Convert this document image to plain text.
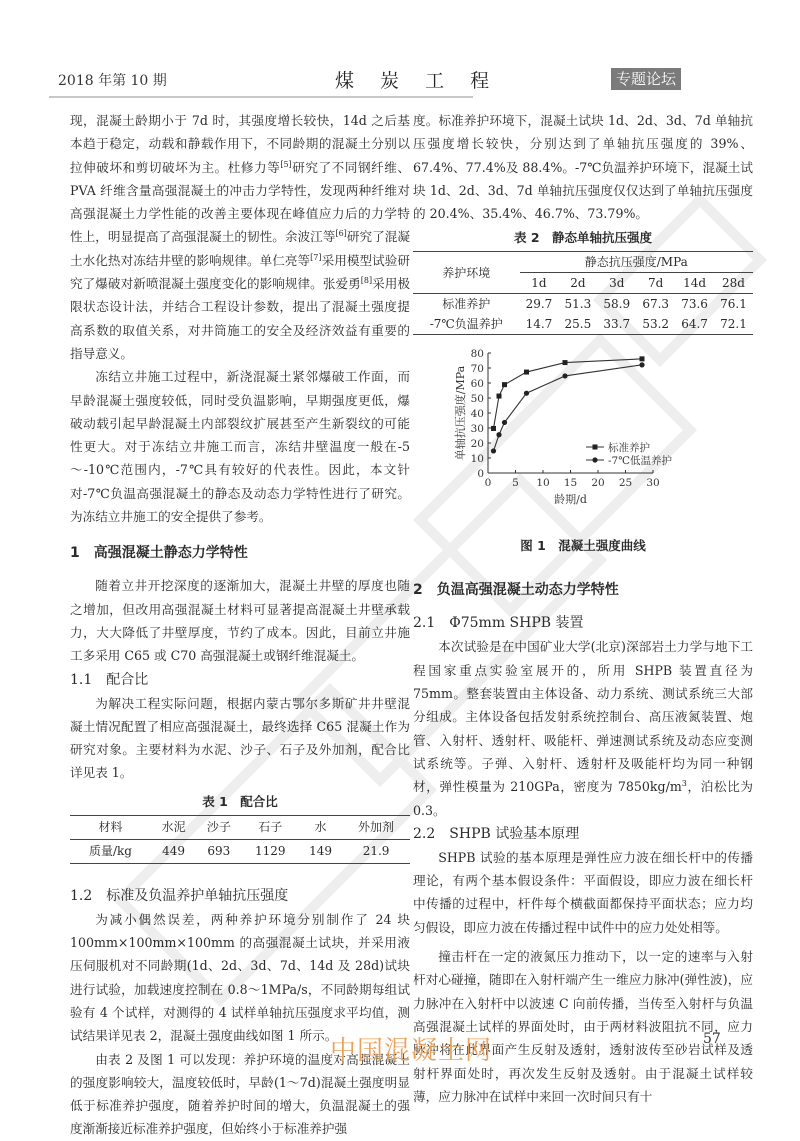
2018 年第 10 期	煤 炭 工 程	专题论坛

现，混凝土龄期小于 7d 时，其强度增长较快，14d 之后基本趋于稳定，动载和静载作用下，不同龄期的混凝土分别以拉伸破坏和剪切破坏为主。杜修力等[5]研究了不同钢纤维、PVA 纤维含量高强混凝土的冲击力学特性，发现两种纤维对高强混凝土力学性能的改善主要体现在峰值应力后的力学特性上，明显提高了高强混凝土的韧性。余波江等[6]研究了混凝土水化热对冻结井壁的影响规律。单仁亮等[7]采用模型试验研究了爆破对新喷混凝土强度变化的影响规律。张爱勇[8]采用极限状态设计法，并结合工程设计参数，提出了混凝土强度提高系数的取值关系，对井筒施工的安全及经济效益有重要的指导意义。

冻结立井施工过程中，新浇混凝土紧邻爆破工作面，而早龄混凝土强度较低，同时受负温影响，早期强度更低，爆破动载引起早龄混凝土内部裂纹扩展甚至产生新裂纹的可能性更大。对于冻结立井施工而言，冻结井壁温度一般在-5～-10℃范围内，-7℃具有较好的代表性。因此，本文针对-7℃负温高强混凝土的静态及动态力学特性进行了研究。为冻结立井施工的安全提供了参考。

1　高强混凝土静态力学特性

随着立井开挖深度的逐渐加大，混凝土井壁的厚度也随之增加，但改用高强混凝土材料可显著提高混凝土井壁承载力，大大降低了井壁厚度，节约了成本。因此，目前立井施工多采用 C65 或 C70 高强混凝土或钢纤维混凝土。

1.1　配合比

为解决工程实际问题，根据内蒙古鄂尔多斯矿井井壁混凝土情况配置了相应高强混凝土，最终选择 C65 混凝土作为研究对象。主要材料为水泥、沙子、石子及外加剂，配合比详见表 1。

表 1　配合比
材料	水泥	沙子	石子	水	外加剂
质量/kg	449	693	1129	149	21.9
1.2　标准及负温养护单轴抗压强度

为减小偶然误差，两种养护环境分别制作了 24 块 100mm×100mm×100mm 的高强混凝土试块，并采用液压伺服机对不同龄期(1d、2d、3d、7d、14d 及 28d)试块进行试验，加载速度控制在 0.8～1MPa/s，不同龄期每组试验有 4 个试样，对测得的 4 试样单轴抗压强度求平均值，测试结果详见表 2，混凝土强度曲线如图 1 所示。

由表 2 及图 1 可以发现：养护环境的温度对高强混凝土的强度影响较大，温度较低时，早龄(1～7d)混凝土强度明显低于标准养护强度，随着养护时间的增大，负温混凝土的强度渐渐接近标准养护强度，但始终小于标准养护强

度。标准养护环境下，混凝土试块 1d、2d、3d、7d 单轴抗压强度增长较快，分别达到了单轴抗压强度的 39%、67.4%、77.4%及 88.4%。-7℃负温养护环境下，混凝土试块 1d、2d、3d、7d 单轴抗压强度仅仅达到了单轴抗压强度的 20.4%、35.4%、46.7%、73.79%。

表 2　静态单轴抗压强度
养护环境	静态抗压强度/MPa					
	1d	2d	3d	7d	14d	28d
标准养护	29.7	51.3	58.9	67.3	73.6	76.1
-7℃负温养护	14.7	25.5	33.7	53.2	64.7	72.1
0
10
20
30
40
50
60
70
80
0 5 10 15 20 25 30
标准养护
-7℃低温养护
龄期/d
单轴抗压强度/MPa
图 1　混凝土强度曲线
2　负温高强混凝土动态力学特性
2.1　Φ75mm SHPB 装置

本次试验是在中国矿业大学(北京)深部岩土力学与地下工程国家重点实验室展开的，所用 SHPB 装置直径为 75mm。整套装置由主体设备、动力系统、测试系统三大部分组成。主体设备包括发射系统控制台、高压液氮装置、炮管、入射杆、透射杆、吸能杆、弹速测试系统及动态应变测试系统等。子弹、入射杆、透射杆及吸能杆均为同一种钢材，弹性模量为 210GPa，密度为 $7850kg/m^3$，泊松比为 0.3。

2.2　SHPB 试验基本原理

SHPB 试验的基本原理是弹性应力波在细长杆中的传播理论，有两个基本假设条件：平面假设，即应力波在细长杆中传播的过程中，杆件每个横截面都保持平面状态；应力均匀假设，即应力波在传播过程中试件中的应力处处相等。

撞击杆在一定的液氮压力推动下，以一定的速率与入射杆对心碰撞，随即在入射杆端产生一维应力脉冲(弹性波)，应力脉冲在入射杆中以波速 C 向前传播，当传至入射杆与负温高强混凝土试样的界面处时，由于两材料波阻抗不同，应力脉冲将在此界面产生反射及透射，透射波传至砂岩试样及透射杆界面处时，再次发生反射及透射。由于混凝土试样较薄，应力脉冲在试样中来回一次时间只有十

中国混凝土网	57
